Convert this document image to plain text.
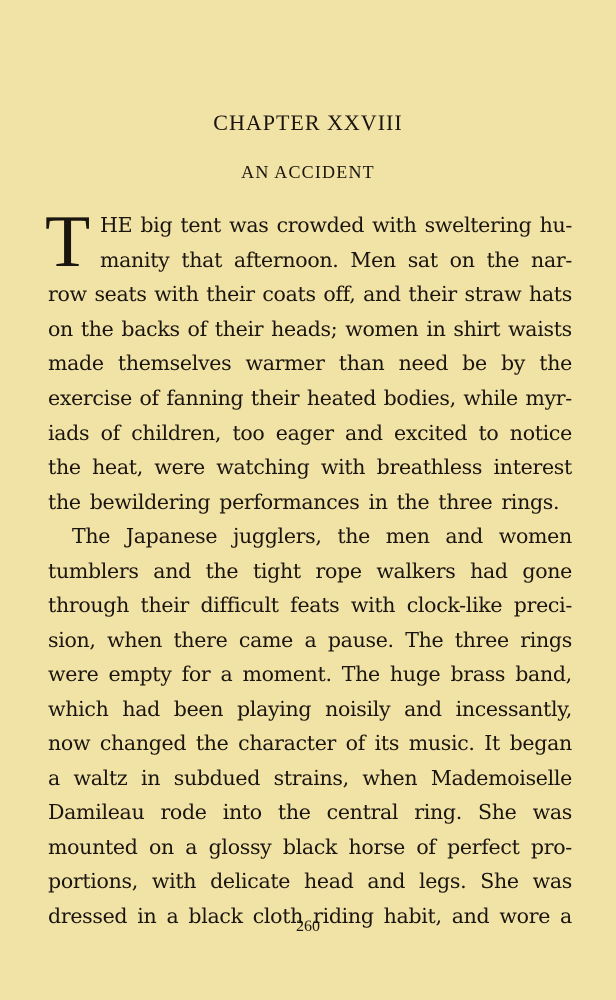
CHAPTER XXVIII
AN ACCIDENT
T HE big tent was crowded with sweltering hu-
manity that afternoon. Men sat on the nar-
row seats with their coats off, and their straw hats
on the backs of their heads; women in shirt waists
made themselves warmer than need be by the
exercise of fanning their heated bodies, while myr-
iads of children, too eager and excited to notice
the heat, were watching with breathless interest
the bewildering performances in the three rings.
The Japanese jugglers, the men and women
tumblers and the tight rope walkers had gone
through their difficult feats with clock-like preci-
sion, when there came a pause. The three rings
were empty for a moment. The huge brass band,
which had been playing noisily and incessantly,
now changed the character of its music. It began
a waltz in subdued strains, when Mademoiselle
Damileau rode into the central ring. She was
mounted on a glossy black horse of perfect pro-
portions, with delicate head and legs. She was
dressed in a black cloth riding habit, and wore a
260
